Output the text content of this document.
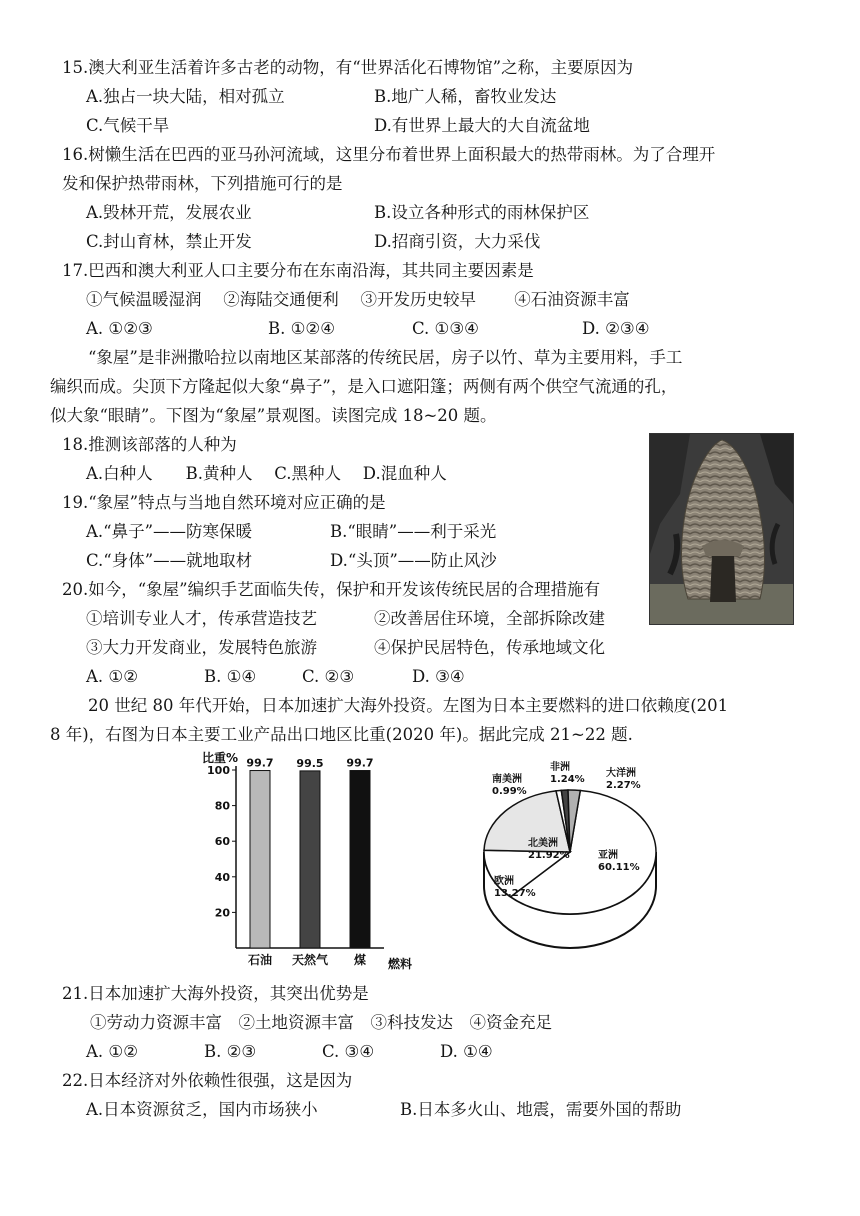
15.澳大利亚生活着许多古老的动物，有“世界活化石博物馆”之称，主要原因为
A.独占一块大陆，相对孤立	B.地广人稀，畜牧业发达
C.气候干旱	D.有世界上最大的大自流盆地
16.树懒生活在巴西的亚马孙河流域，这里分布着世界上面积最大的热带雨林。为了合理开
发和保护热带雨林，下列措施可行的是
A.毁林开荒，发展农业	B.设立各种形式的雨林保护区
C.封山育林，禁止开发	D.招商引资，大力采伐
17.巴西和澳大利亚人口主要分布在东南沿海，其共同主要因素是
①气候温暖湿润　 ②海陆交通便利　 ③开发历史较早　　 ④石油资源丰富
A. ①②③	B. ①②④	C. ①③④	D. ②③④
“象屋”是非洲撒哈拉以南地区某部落的传统民居，房子以竹、草为主要用料，手工
编织而成。尖顶下方隆起似大象“鼻子”，是入口遮阳篷；两侧有两个供空气流通的孔，
似大象“眼睛”。下图为“象屋”景观图。读图完成 18~20 题。
18.推测该部落的人种为
A.白种人　　B.黄种人　 C.黑种人　 D.混血种人
19.“象屋”特点与当地自然环境对应正确的是
A.“鼻子”——防寒保暖	B.“眼睛”——利于采光
C.“身体”——就地取材	D.“头顶”——防止风沙
20.如今，“象屋”编织手艺面临失传，保护和开发该传统民居的合理措施有
①培训专业人才，传承营造技艺	②改善居住环境，全部拆除改建
③大力开发商业，发展特色旅游	④保护民居特色，传承地域文化
A. ①②	B. ①④	C. ②③	D. ③④
20 世纪 80 年代开始，日本加速扩大海外投资。左图为日本主要燃料的进口依赖度(201
8 年)，右图为日本主要工业产品出口地区比重(2020 年)。据此完成 21~22 题.
21.日本加速扩大海外投资，其突出优势是
①劳动力资源丰富　②土地资源丰富　③科技发达　④资金充足
A. ①②	B. ②③	C. ③④	D. ①④
22.日本经济对外依赖性很强，这是因为
A.日本资源贫乏，国内市场狭小	B.日本多火山、地震，需要外国的帮助
比重%
燃料
20
40
60
80
100
99.7
石油
99.5
天然气
99.7
煤
亚洲
60.11%
欧洲
13.27%
北美洲
21.92%
南美洲
0.99%
非洲
1.24%
大洋洲
2.27%
